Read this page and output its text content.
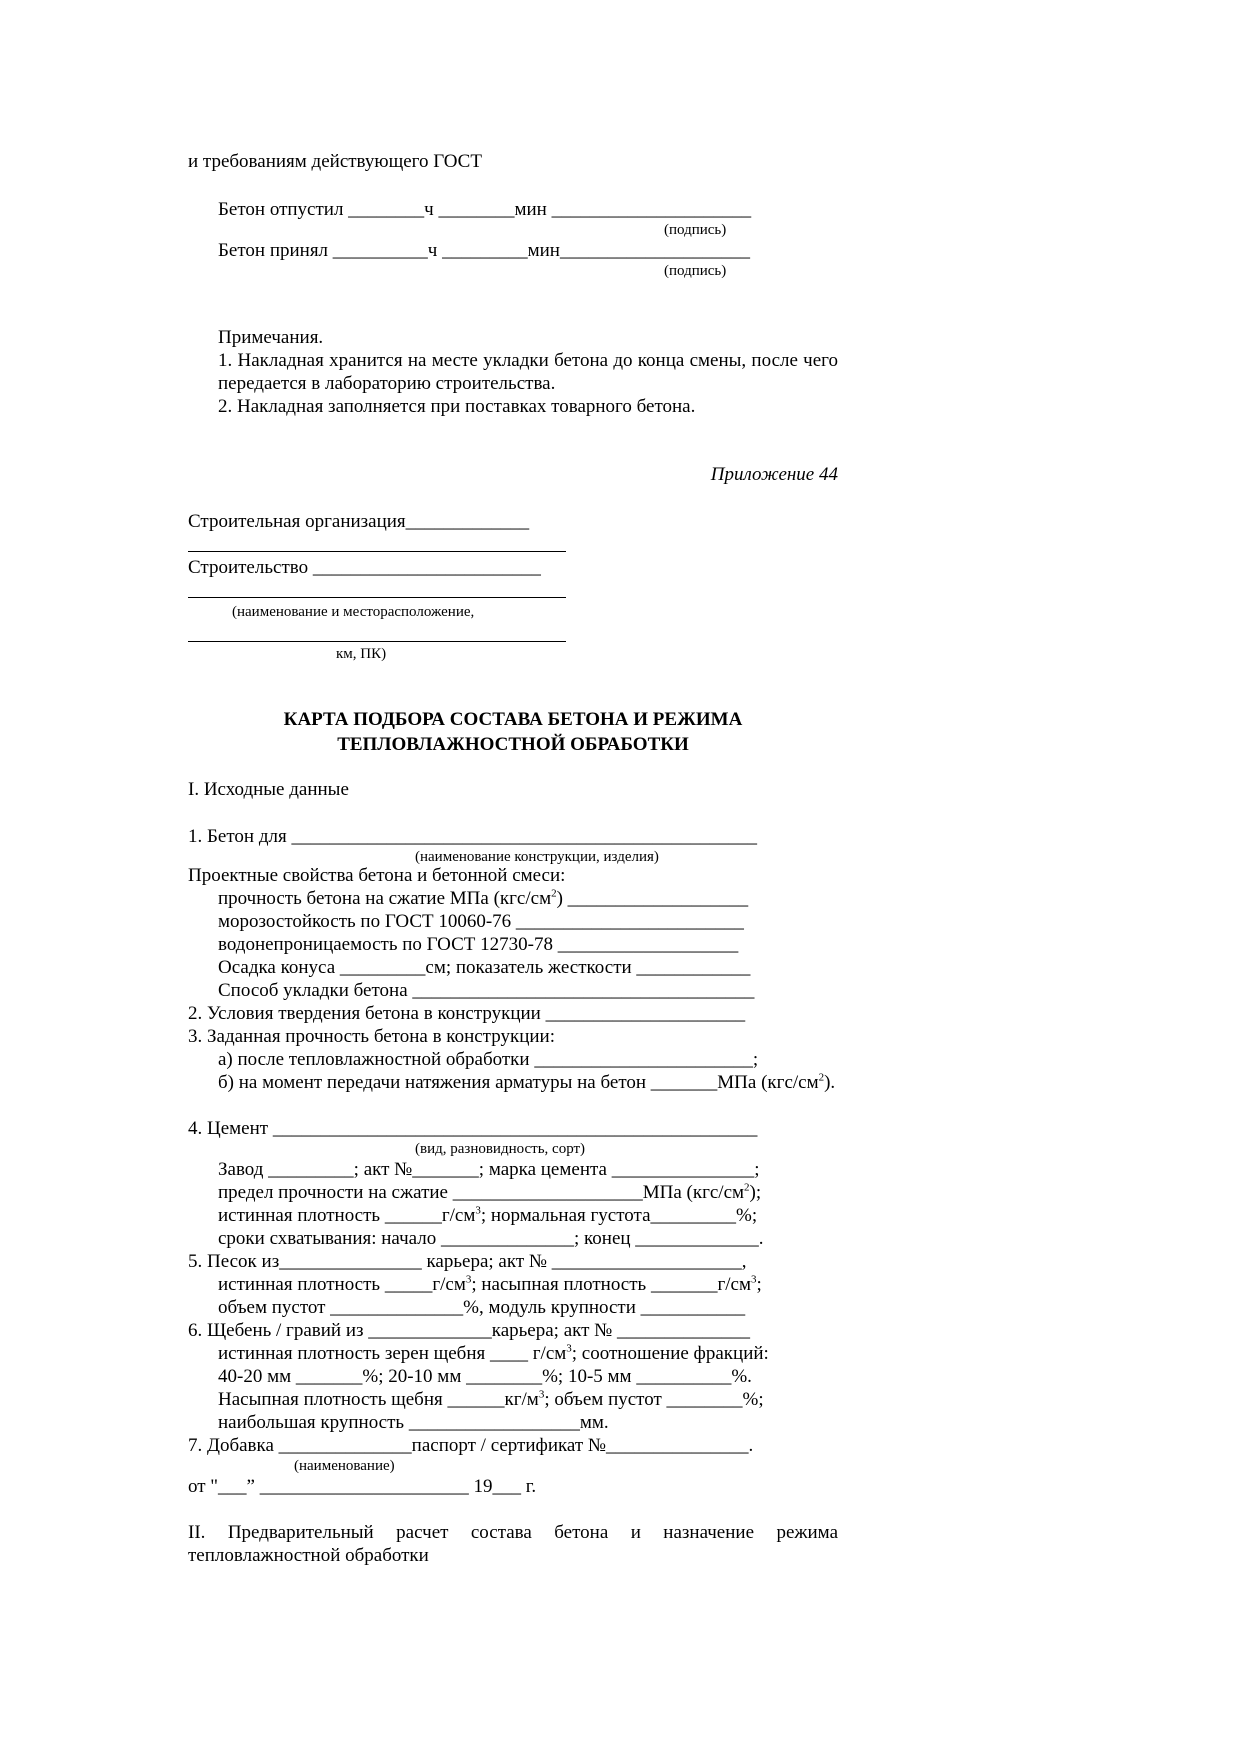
и требованиям действующего ГОСТ
Бетон отпустил ________ч ________мин _____________________
(подпись)
Бетон принял __________ч _________мин____________________
(подпись)
Примечания.
1. Накладная хранится на месте укладки бетона до конца смены, после чего передается в лабораторию строительства.
2. Накладная заполняется при поставках товарного бетона.
Приложение 44
Строительная организация_____________
Строительство ________________________
(наименование и месторасположение,
км, ПК)
КАРТА ПОДБОРА СОСТАВА БЕТОНА И РЕЖИМА
ТЕПЛОВЛАЖНОСТНОЙ ОБРАБОТКИ
I. Исходные данные
1. Бетон для _________________________________________________
(наименование конструкции, изделия)
Проектные свойства бетона и бетонной смеси:
прочность бетона на сжатие МПа $(кгс/см^2)$ ___________________
морозостойкость по ГОСТ 10060-76 ________________________
водонепроницаемость по ГОСТ 12730-78 ___________________
Осадка конуса _________см; показатель жесткости ____________
Способ укладки бетона ____________________________________
2. Условия твердения бетона в конструкции _____________________
3. Заданная прочность бетона в конструкции:
а) после тепловлажностной обработки _______________________;
б) на момент передачи натяжения арматуры на бетон _______МПа $(кгс/см^2)$.
4. Цемент ___________________________________________________
(вид, разновидность, сорт)
Завод _________; акт №_______; марка цемента _______________;
предел прочности на сжатие ____________________МПа $(кгс/см^2)$;
истинная плотность $\_\_\_\_\_\_г/см^3$; нормальная густота_________%;
сроки схватывания: начало ______________; конец _____________.
5. Песок из_______________ карьера; акт № ____________________,
истинная плотность $\_\_\_\_\_г/см^3$; насыпная плотность $\_\_\_\_\_\_\_г/см^3$;
объем пустот ______________%, модуль крупности ___________
6. Щебень / гравий из _____________карьера; акт № ______________
истинная плотность зерен щебня ____ $г/см^3$; соотношение фракций:
40-20 мм _______%; 20-10 мм ________%; 10-5 мм __________%.
Насыпная плотность щебня $\_\_\_\_\_\_кг/м^3$; объем пустот ________%;
наибольшая крупность __________________мм.
7. Добавка ______________паспорт / сертификат №_______________.
(наименование)
от "___” ______________________ 19___ г.
II. Предварительный расчет состава бетона и назначение режима тепловлажностной обработки
